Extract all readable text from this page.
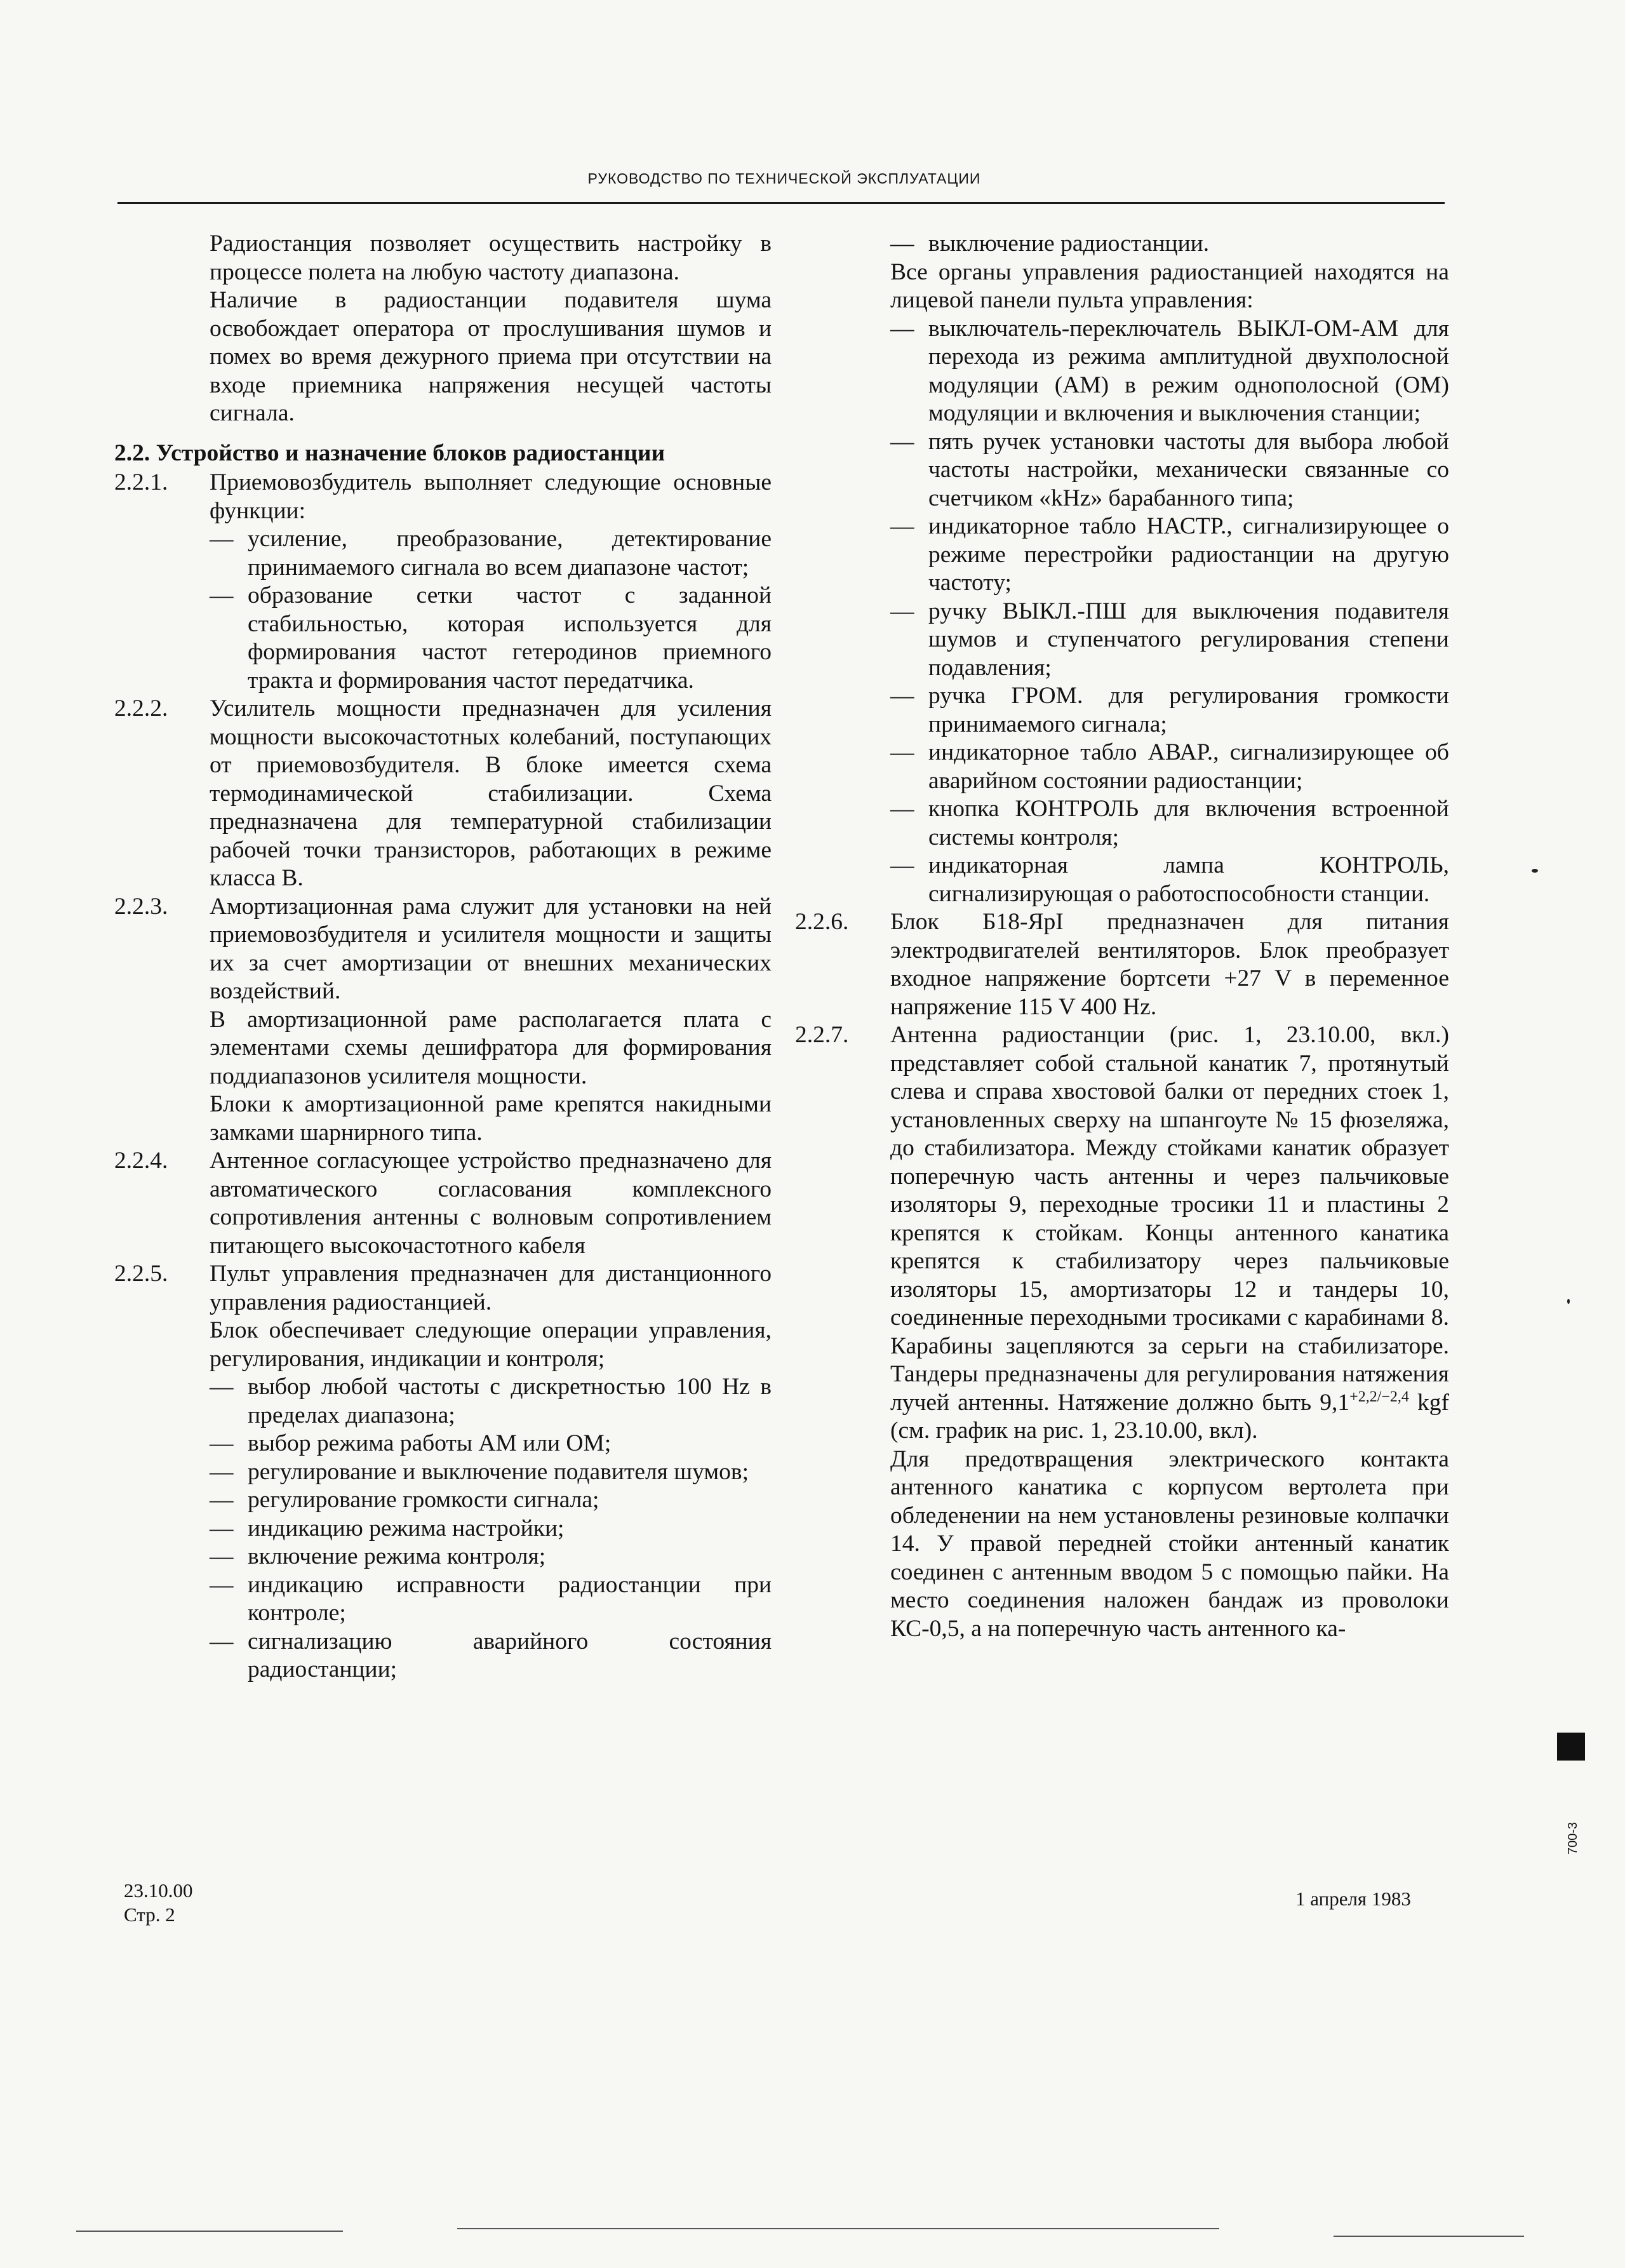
РУКОВОДСТВО ПО ТЕХНИЧЕСКОЙ ЭКСПЛУАТАЦИИ

Радиостанция позволяет осуществить настройку в процессе полета на любую частоту диапазона.

Наличие в радиостанции подавителя шума освобождает оператора от прослушивания шумов и помех во время дежурного приема при отсутствии на входе приемника напряжения несущей частоты сигнала.

2.2. Устройство и назначение блоков радиостанции
2.2.1.	Приемовозбудитель выполняет следующие основные функции:

— усиление, преобразование, детектирование принимаемого сигнала во всем диапазоне частот;
— образование сетки частот с заданной стабильностью, которая используется для формирования частот гетеродинов приемного тракта и формирования частот передатчика.
2.2.2.	Усилитель мощности предназначен для усиления мощности высокочастотных колебаний, поступающих от приемовозбудителя. В блоке имеется схема термодинамической стабилизации. Схема предназначена для температурной стабилизации рабочей точки транзисторов, работающих в режиме класса В.

2.2.3.	Амортизационная рама служит для установки на ней приемовозбудителя и усилителя мощности и защиты их за счет амортизации от внешних механических воздействий.

В амортизационной раме располагается плата с элементами схемы дешифратора для формирования поддиапазонов усилителя мощности.

Блоки к амортизационной раме крепятся накидными замками шарнирного типа.

2.2.4.	Антенное согласующее устройство предназначено для автоматического согласования комплексного сопротивления антенны с волновым сопротивлением питающего высокочастотного кабеля

2.2.5.	Пульт управления предназначен для дистанционного управления радиостанцией.

Блок обеспечивает следующие операции управления, регулирования, индикации и контроля;

— выбор любой частоты с дискретностью 100 Hz в пределах диапазона;
— выбор режима работы АМ или ОМ;
— регулирование и выключение подавителя шумов;
— регулирование громкости сигнала;
— индикацию режима настройки;
— включение режима контроля;
— индикацию исправности радиостанции при контроле;
— сигнализацию аварийного состояния радиостанции;
— выключение радиостанции.

Все органы управления радиостанцией находятся на лицевой панели пульта управления:

— выключатель-переключатель ВЫКЛ-ОМ-АМ для перехода из режима амплитудной двухполосной модуляции (АМ) в режим однополосной (ОМ) модуляции и включения и выключения станции;
— пять ручек установки частоты для выбора любой частоты настройки, механически связанные со счетчиком «kHz» барабанного типа;
— индикаторное табло НАСТР., сигнализирующее о режиме перестройки радиостанции на другую частоту;
— ручку ВЫКЛ.-ПШ для выключения подавителя шумов и ступенчатого регулирования степени подавления;
— ручка ГРОМ. для регулирования громкости принимаемого сигнала;
— индикаторное табло АВАР., сигнализирующее об аварийном состоянии радиостанции;
— кнопка КОНТРОЛЬ для включения встроенной системы контроля;
— индикаторная лампа КОНТРОЛЬ, сигнализирующая о работоспособности станции.
2.2.6.	Блок Б18-ЯрI предназначен для питания электродвигателей вентиляторов. Блок преобразует входное напряжение бортсети +27 V в переменное напряжение 115 V 400 Hz.

2.2.7.	Антенна радиостанции (рис. 1, 23.10.00, вкл.) представляет собой стальной канатик 7, протянутый слева и справа хвостовой балки от передних стоек 1, установленных сверху на шпангоуте № 15 фюзеляжа, до стабилизатора. Между стойками канатик образует поперечную часть антенны и через пальчиковые изоляторы 9, переходные тросики 11 и пластины 2 крепятся к стойкам. Концы антенного канатика крепятся к стабилизатору через пальчиковые изоляторы 15, амортизаторы 12 и тандеры 10, соединенные переходными тросиками с карабинами 8. Карабины зацепляются за серьги на стабилизаторе. Тандеры предназначены для регулирования натяжения лучей антенны. Натяжение должно быть $9,1^{+2,2/-2,4}$ kgf (см. график на рис. 1, 23.10.00, вкл).

Для предотвращения электрического контакта антенного канатика с корпусом вертолета при обледенении на нем установлены резиновые колпачки 14. У правой передней стойки антенный канатик соединен с антенным вводом 5 с помощью пайки. На место соединения наложен бандаж из проволоки КС-0,5, а на поперечную часть антенного ка-

23.10.00
Стр. 2
1 апреля 1983
700-3
